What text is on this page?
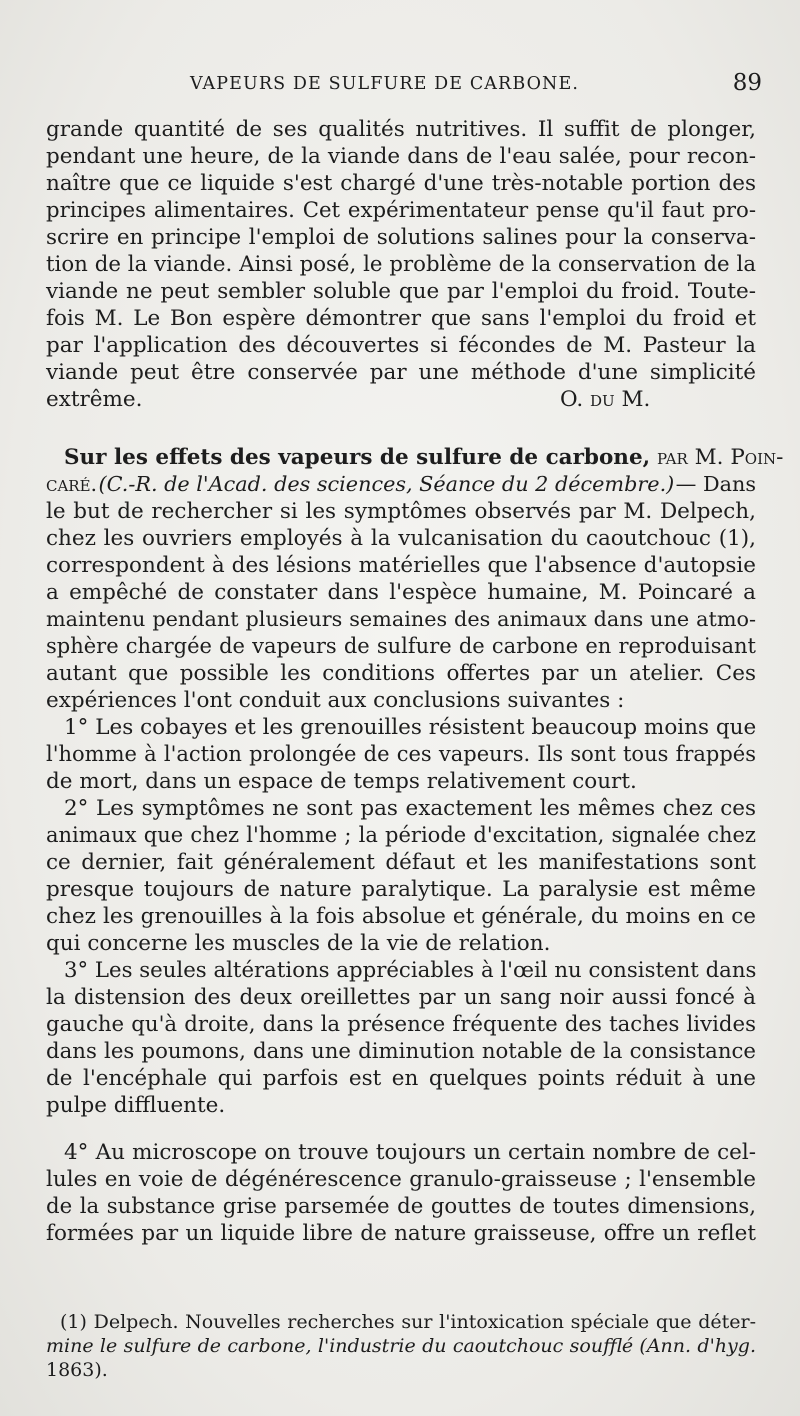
VAPEURS DE SULFURE DE CARBONE.	89
grande quantité de ses qualités nutritives. Il suffit de plonger,
pendant une heure, de la viande dans de l'eau salée, pour recon-
naître que ce liquide s'est chargé d'une très-notable portion des
principes alimentaires. Cet expérimentateur pense qu'il faut pro-
scrire en principe l'emploi de solutions salines pour la conserva-
tion de la viande. Ainsi posé, le problème de la conservation de la
viande ne peut sembler soluble que par l'emploi du froid. Toute-
fois M. Le Bon espère démontrer que sans l'emploi du froid et
par l'application des découvertes si fécondes de M. Pasteur la
viande peut être conservée par une méthode d'une simplicité
extrême.	O. du M.
Sur les effets des vapeurs de sulfure de carbone, par M. Poin-
caré. (C.-R. de l'Acad. des sciences, Séance du 2 décembre.) — Dans
le but de rechercher si les symptômes observés par M. Delpech,
chez les ouvriers employés à la vulcanisation du caoutchouc (1),
correspondent à des lésions matérielles que l'absence d'autopsie
a empêché de constater dans l'espèce humaine, M. Poincaré a
maintenu pendant plusieurs semaines des animaux dans une atmo-
sphère chargée de vapeurs de sulfure de carbone en reproduisant
autant que possible les conditions offertes par un atelier. Ces
expériences l'ont conduit aux conclusions suivantes :
1° Les cobayes et les grenouilles résistent beaucoup moins que
l'homme à l'action prolongée de ces vapeurs. Ils sont tous frappés
de mort, dans un espace de temps relativement court.
2° Les symptômes ne sont pas exactement les mêmes chez ces
animaux que chez l'homme ; la période d'excitation, signalée chez
ce dernier, fait généralement défaut et les manifestations sont
presque toujours de nature paralytique. La paralysie est même
chez les grenouilles à la fois absolue et générale, du moins en ce
qui concerne les muscles de la vie de relation.
3° Les seules altérations appréciables à l'œil nu consistent dans
la distension des deux oreillettes par un sang noir aussi foncé à
gauche qu'à droite, dans la présence fréquente des taches livides
dans les poumons, dans une diminution notable de la consistance
de l'encéphale qui parfois est en quelques points réduit à une
pulpe diffluente.
4° Au microscope on trouve toujours un certain nombre de cel-
lules en voie de dégénérescence granulo-graisseuse ; l'ensemble
de la substance grise parsemée de gouttes de toutes dimensions,
formées par un liquide libre de nature graisseuse, offre un reflet
(1) Delpech. Nouvelles recherches sur l'intoxication spéciale que déter-
mine le sulfure de carbone, l'industrie du caoutchouc soufflé (Ann. d'hyg.
1863).
